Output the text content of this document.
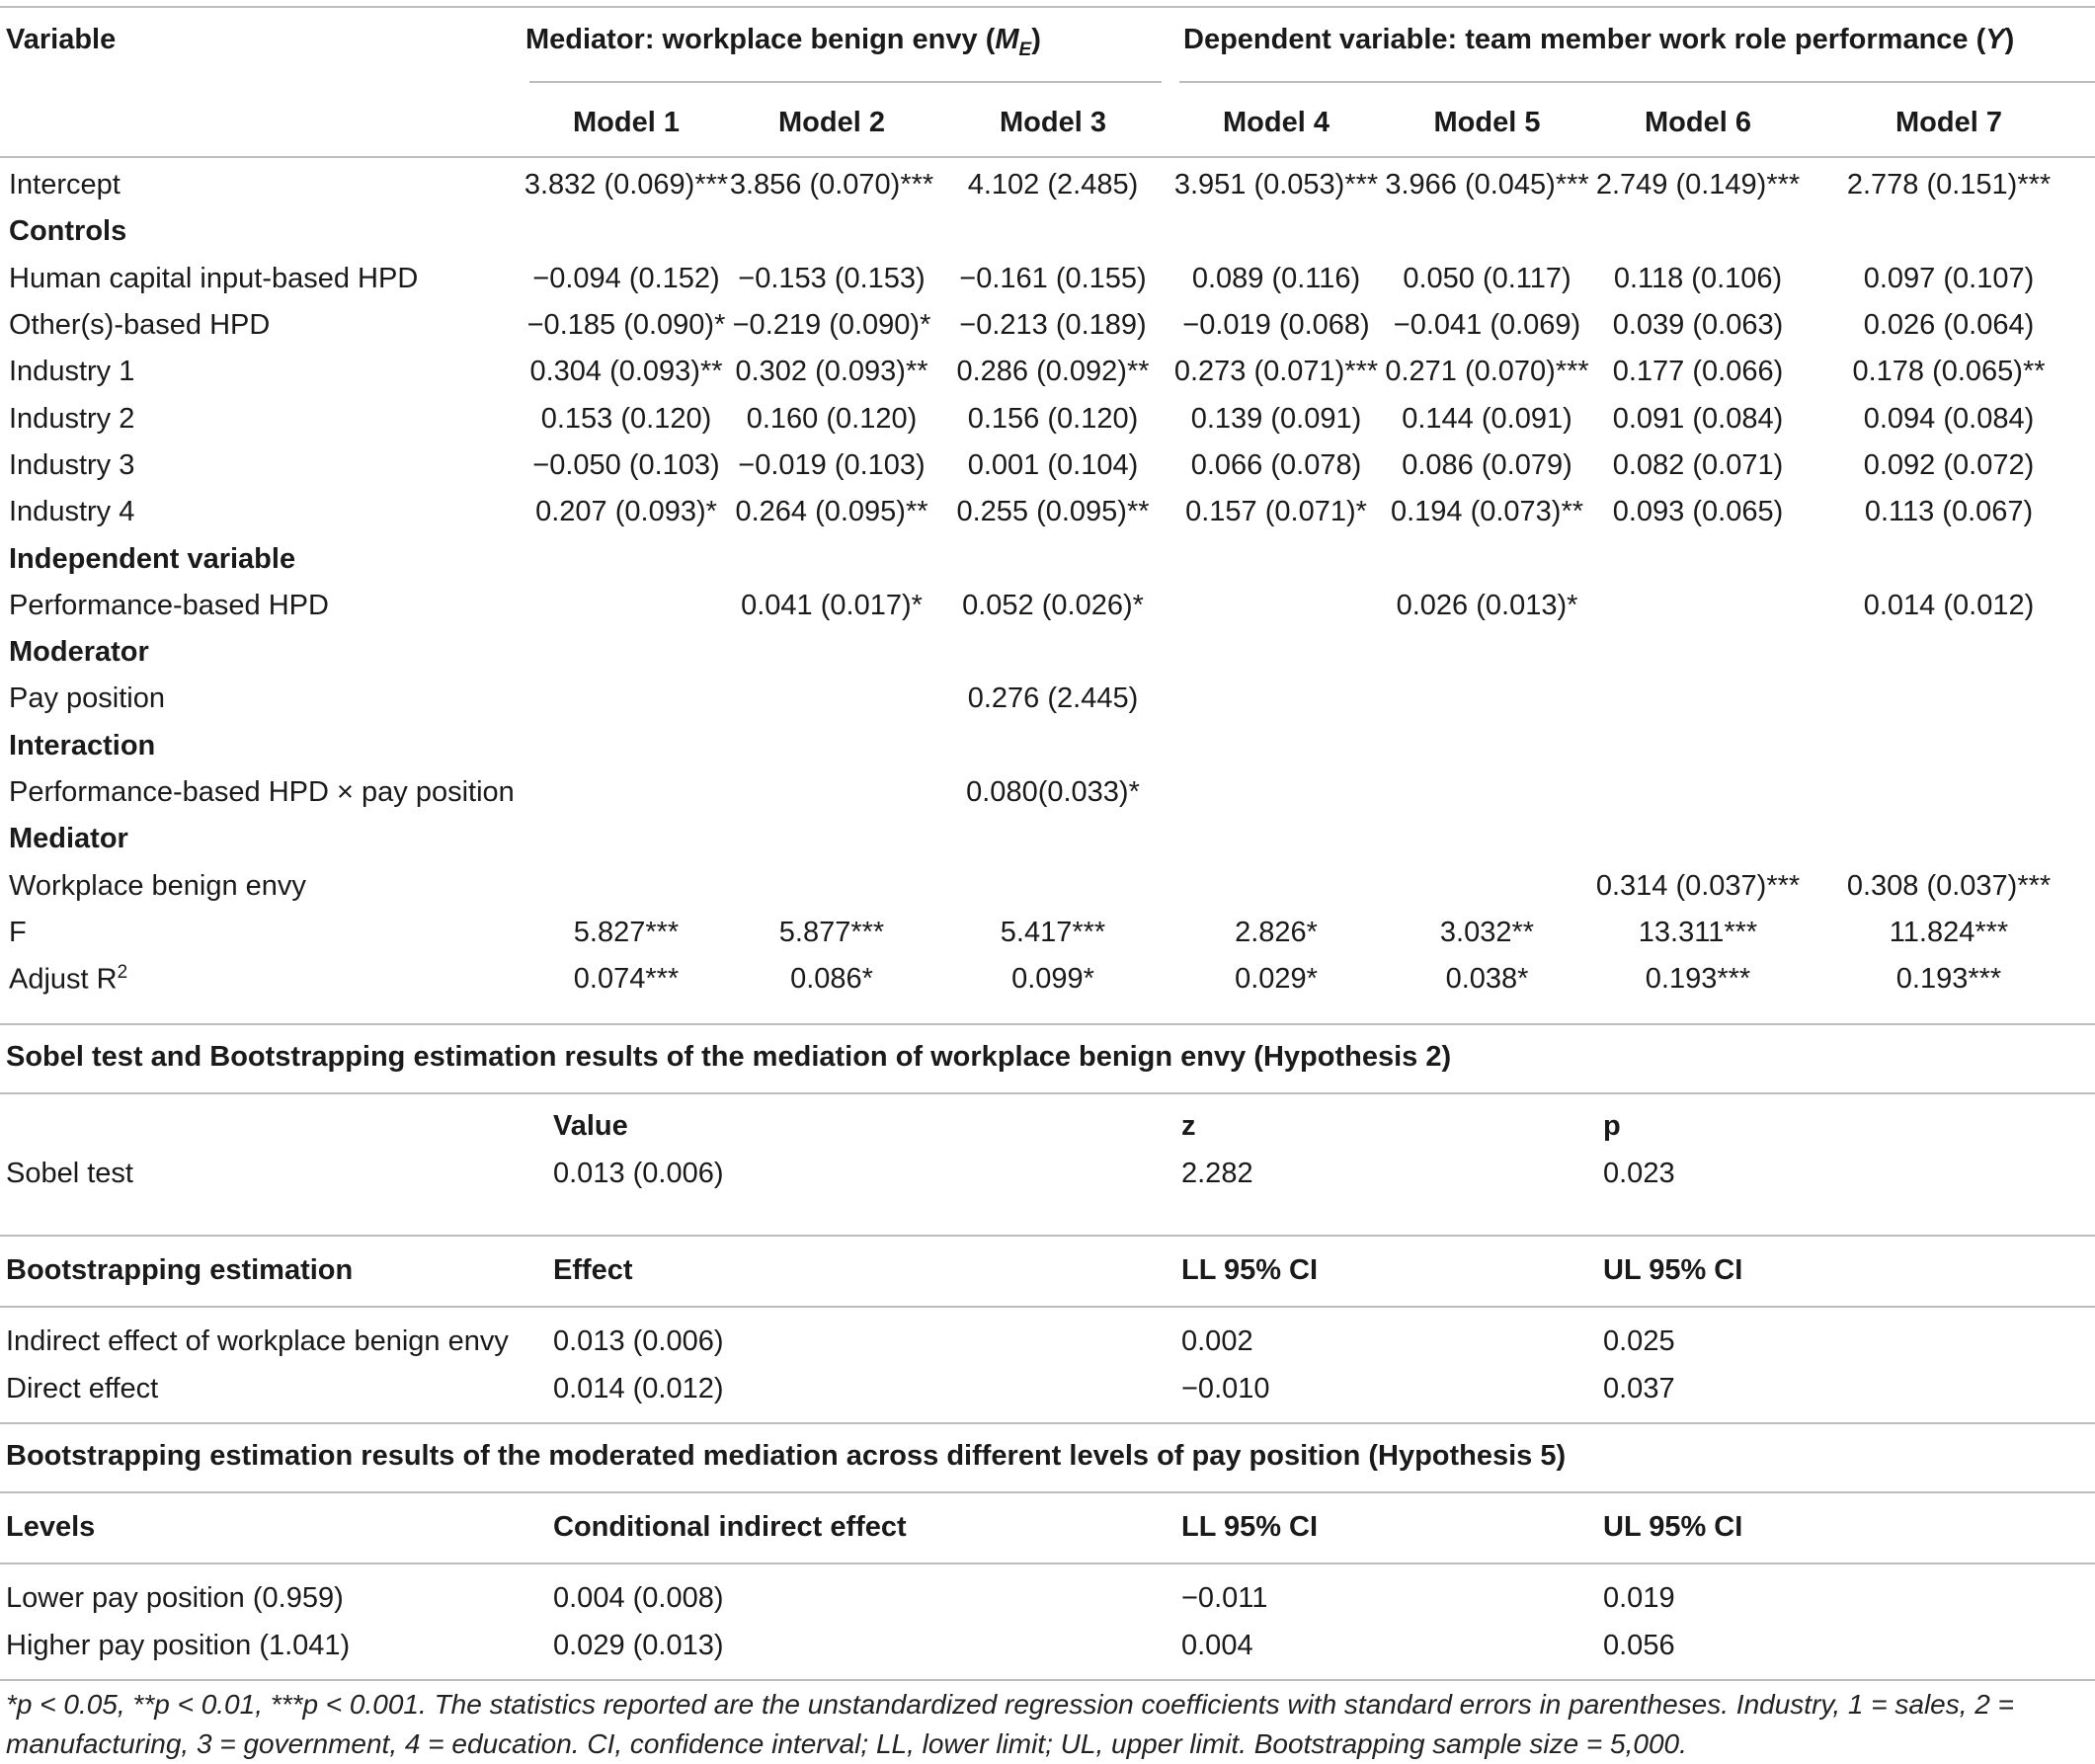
Variable	Mediator: workplace benign envy $(M_E)$	Dependent variable: team member work role performance (Y)
	Model 1	Model 2	Model 3	Model 4	Model 5	Model 6	Model 7
Intercept	3.832 (0.069)***	3.856 (0.070)***	4.102 (2.485)	3.951 (0.053)***	3.966 (0.045)***	2.749 (0.149)***	2.778 (0.151)***
Controls							
Human capital input-based HPD	−0.094 (0.152)	−0.153 (0.153)	−0.161 (0.155)	0.089 (0.116)	0.050 (0.117)	0.118 (0.106)	0.097 (0.107)
Other(s)-based HPD	−0.185 (0.090)*	−0.219 (0.090)*	−0.213 (0.189)	−0.019 (0.068)	−0.041 (0.069)	0.039 (0.063)	0.026 (0.064)
Industry 1	0.304 (0.093)**	0.302 (0.093)**	0.286 (0.092)**	0.273 (0.071)***	0.271 (0.070)***	0.177 (0.066)	0.178 (0.065)**
Industry 2	0.153 (0.120)	0.160 (0.120)	0.156 (0.120)	0.139 (0.091)	0.144 (0.091)	0.091 (0.084)	0.094 (0.084)
Industry 3	−0.050 (0.103)	−0.019 (0.103)	0.001 (0.104)	0.066 (0.078)	0.086 (0.079)	0.082 (0.071)	0.092 (0.072)
Industry 4	0.207 (0.093)*	0.264 (0.095)**	0.255 (0.095)**	0.157 (0.071)*	0.194 (0.073)**	0.093 (0.065)	0.113 (0.067)
Independent variable							
Performance-based HPD		0.041 (0.017)*	0.052 (0.026)*		0.026 (0.013)*		0.014 (0.012)
Moderator							
Pay position			0.276 (2.445)				
Interaction							
Performance-based HPD × pay position			0.080(0.033)*				
Mediator							
Workplace benign envy						0.314 (0.037)***	0.308 (0.037)***
F	5.827***	5.877***	5.417***	2.826*	3.032**	13.311***	11.824***
Adjust $R^2$	0.074***	0.086*	0.099*	0.029*	0.038*	0.193***	0.193***
Sobel test and Bootstrapping estimation results of the mediation of workplace benign envy (Hypothesis 2)
	Value	z	p
Sobel test	0.013 (0.006)	2.282	0.023
Bootstrapping estimation	Effect	LL 95% CI	UL 95% CI
Indirect effect of workplace benign envy	0.013 (0.006)	0.002	0.025
Direct effect	0.014 (0.012)	−0.010	0.037
Bootstrapping estimation results of the moderated mediation across different levels of pay position (Hypothesis 5)
Levels	Conditional indirect effect	LL 95% CI	UL 95% CI
Lower pay position (0.959)	0.004 (0.008)	−0.011	0.019
Higher pay position (1.041)	0.029 (0.013)	0.004	0.056
*p < 0.05, **p < 0.01, ***p < 0.001. The statistics reported are the unstandardized regression coefficients with standard errors in parentheses. Industry, 1 = sales, 2 = manufacturing, 3 = government, 4 = education. CI, confidence interval; LL, lower limit; UL, upper limit. Bootstrapping sample size = 5,000.
